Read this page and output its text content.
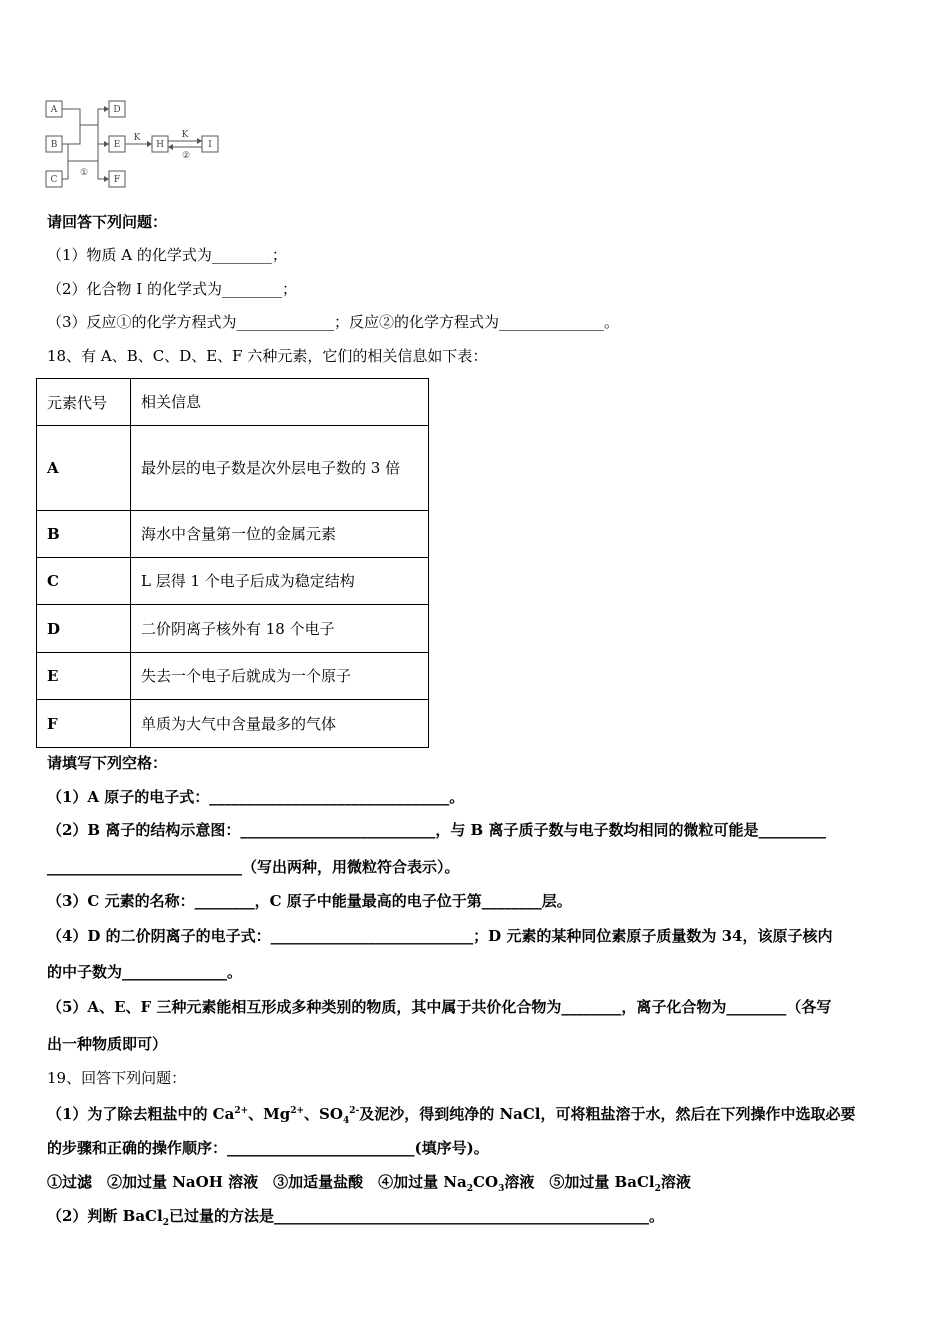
A
B
C
D
E
F
H	I
K	K
①
②
请回答下列问题：
（1）物质 A 的化学式为________；
（2）化合物 I 的化学式为________；
（3）反应①的化学方程式为_____________；反应②的化学方程式为______________。
18、有 A、B、C、D、E、F 六种元素，它们的相关信息如下表：
元素代号	相关信息
A	最外层的电子数是次外层电子数的 3 倍
B	海水中含量第一位的金属元素
C	L 层得 1 个电子后成为稳定结构
D	二价阴离子核外有 18 个电子
E	失去一个电子后就成为一个原子
F	单质为大气中含量最多的气体
请填写下列空格：
（1）A 原子的电子式：________________________________。
（2）B 离子的结构示意图：__________________________，与 B 离子质子数与电子数均相同的微粒可能是_________
__________________________（写出两种，用微粒符合表示）。
（3）C 元素的名称：________，C 原子中能量最高的电子位于第________层。
（4）D 的二价阴离子的电子式：___________________________；D 元素的某种同位素原子质量数为 34，该原子核内
的中子数为______________。
（5）A、E、F 三种元素能相互形成多种类别的物质，其中属于共价化合物为________，离子化合物为________（各写
出一种物质即可）
19、回答下列问题：
（1）为了除去粗盐中的 $Ca^{2+}$、$Mg^{2+}$、$SO_4^{2-}$及泥沙，得到纯净的 NaCl，可将粗盐溶于水，然后在下列操作中选取必要
的步骤和正确的操作顺序：_________________________(填序号)。
①过滤　②加过量 NaOH 溶液　③加适量盐酸　④加过量 $Na_2CO_3$溶液　⑤加过量 BaCl$_2$溶液
（2）判断 BaCl$_2$已过量的方法是__________________________________________________。
